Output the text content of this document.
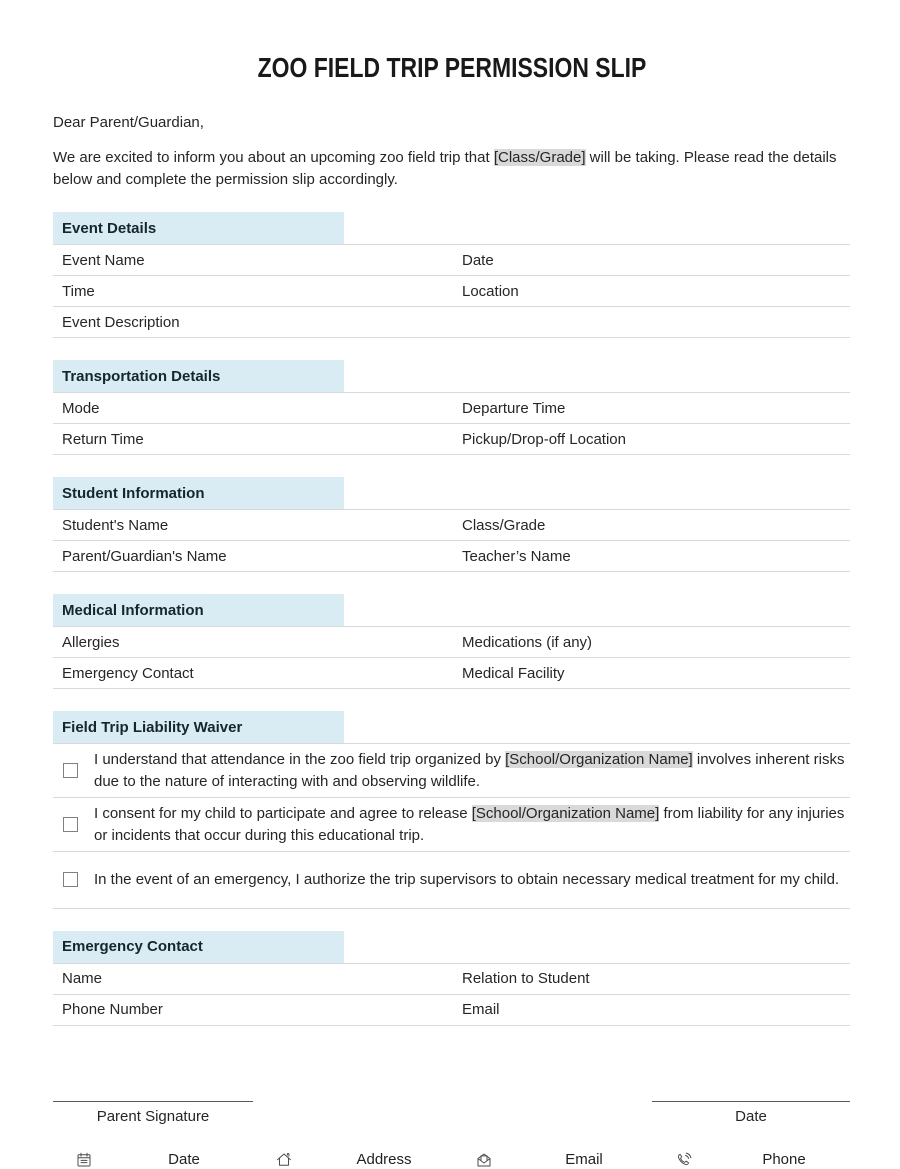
ZOO FIELD TRIP PERMISSION SLIP
Dear Parent/Guardian,
We are excited to inform you about an upcoming zoo field trip that [Class/Grade] will be taking. Please read the details below and complete the permission slip accordingly.
Event Details
Event Name	Date
Time	Location
Event Description
Transportation Details
Mode	Departure Time
Return Time	Pickup/Drop-off Location
Student Information
Student's Name	Class/Grade
Parent/Guardian's Name	Teacher’s Name
Medical Information
Allergies	Medications (if any)
Emergency Contact	Medical Facility
Field Trip Liability Waiver
I understand that attendance in the zoo field trip organized by [School/Organization Name] involves inherent risks due to the nature of interacting with and observing wildlife.
I consent for my child to participate and agree to release [School/Organization Name] from liability for any injuries or incidents that occur during this educational trip.
In the event of an emergency, I authorize the trip supervisors to obtain necessary medical treatment for my child.
Emergency Contact
Name	Relation to Student
Phone Number	Email
Parent Signature	Date
Date	Address	Email	Phone
